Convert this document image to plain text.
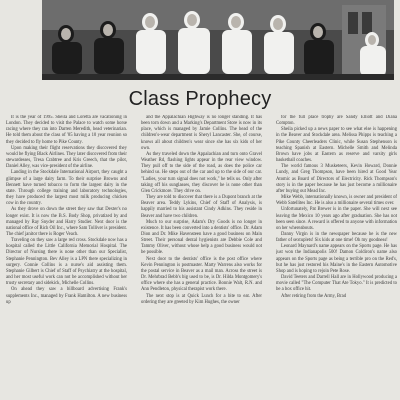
Class Prophecy

It is the year of 1995. Sheila and Loretta are vacationing in London. They decided to visit the Palace to watch some horse racing where they ran into Darren Meredith, head veterinarian. He told them about the class of '85 having a 10 year reunion so they decided to fly home to Pike County.

Upon making their flight reservations they discovered they would be flying Black Airlines. They later discovered from their stewardesses, Tresa Crabtree and Kris Greech, that the pilot, Daniel Alley, was vice-president of the airline.

Landing in the Stockdale International Airport, they caught a glimpse of a large dairy farm. To their surprise Browns and Bennett have turned tobacco to form the largest dairy in the state. Through college training and laboratory technologies, they have produced the largest most milk producing chicken cow in the country.

As they drove on down the street they saw that Dexter's no longer exist. It is now the B.S. Body Shop, privatized by and managed by Ray Snyder and Harry Studier. Next door is the national office of Rich Oil Inc., where Sam Tolliver is president. The chief janitor there is Roger Veach.

Traveling on they saw a large red cross. Stockdale now has a hospital called the Little California Memorial Hospital. The Director of Nursing there is none other than our Specialist, Stephanie Pennington. Bev Alley is a LPN there specializing in surgery. Connie Collins is a nurse's aid assisting them. Stephanie Gilbert is Chief of Staff of Psychiatry at the hospital, and her most useful work can not be accomplished without her trusty secretary and sidekick, Michelle Collins.

On ahead they saw a billboard advertising Frank's supplements Inc., managed by Frank Hamilton. A new business up

and the Appalachian Highway is no longer standing. It has been torn down and a Marking's Department Store is now in its place, which is managed by Jamie Collins. The head of the children's-wear department is Sheryl Lancaster. She, of course, knows all about children's wear since she has six kids of her own.

As they traveled down the Appalachian and turn onto Gravel Weather Rd, flashing lights appear in the rear view window. They pull off to the side of the road, as does the police car behind us. He steps out of the car and up to the side of our car. "Ladies, your turn signal does not work," he tells us. Only after taking off his sunglasses, they discover he is none other than Glen Crickmore. They drive on.

They are told to discover that there is a Dupont branch at the Beaver area. Teddy Lykins, Chief of Staff of Analysis, is happily married to his assistant Cindy Adkins. They reside in Beaver and have two children.

Much to our surprise, Adam's Dry Goods is no longer in existence. It has been converted into a dentists' office. Dr. Adam Dion and Dr. Mike Havensteen have a good business on Main Street. Their personal dental hygienists are Debbie Cole and Tammy Oliver, without whose help a good business would not be possible.

Next door to the dentists' office is the post office where Kevin Pennington is postmaster. Marty Warrens also works for the postal service in Beaver as a mail man. Across the street is Dr. Mehrbrad Bebb's big used to be, is Dr. Hilda Montgomery's office where she has a general practice. Bonnie Walt, R.N. and Ann Pendleton, physical therapist work there.

The next stop is at Quick Lunch for a bite to eat. After ordering they are greeted by Kim Hughes, the owner

for the full place trophy are Sandy Elliott and Diana Compton.

Sheila picked up a news paper to see what else is happening in the Beaver and Stockdale area. Melissa Phipps is teaching a Pike County Cheerleaders Clinic, while Susan Stephenson is teaching Spanish at Eastern. Michelle Smith and Melinda Brown have jobs at Eastern as reserve and varsity girls basketball coaches.

The world famous 3 Musketeers, Kevin Howard, Donnie Lundy, and Greg Thompson, have been hired at Good Year Atomic as Board of Directors of Electricity. Rick Thompson's story is in the paper because he has just become a millionaire after buying out Mead Inc.

Mike Webb, internationally known, is owner and president of Webb Satellites Inc. He is also a millionaire several times over.

Unfortunately, Pat Brewer is in the paper. She will next see leaving the Mexico 10 years ago after graduation. She has not been seen since. A reward is offered to anyone with information on her whereabouts.

Danny Virgin is in the newspaper because he is the new father of sextuplets! Six kids at one time! Oh my goodness!

Leonard Maynard's name appears on the Sports page. He has just won the Indianapolis 500! Damon Coldiron's name also appears on the Sports page as being a terrible pro on the Red's, but he has just restored his Maine's in the Eastern Automotive Shop and is hoping to rejoin Pete Rose.

David Teeters and Darrell Hall are in Hollywood producing a movie called "The Computer That Ate Tokyo." It is predicted to be a box office hit.

After retiring from the Army, Brad
